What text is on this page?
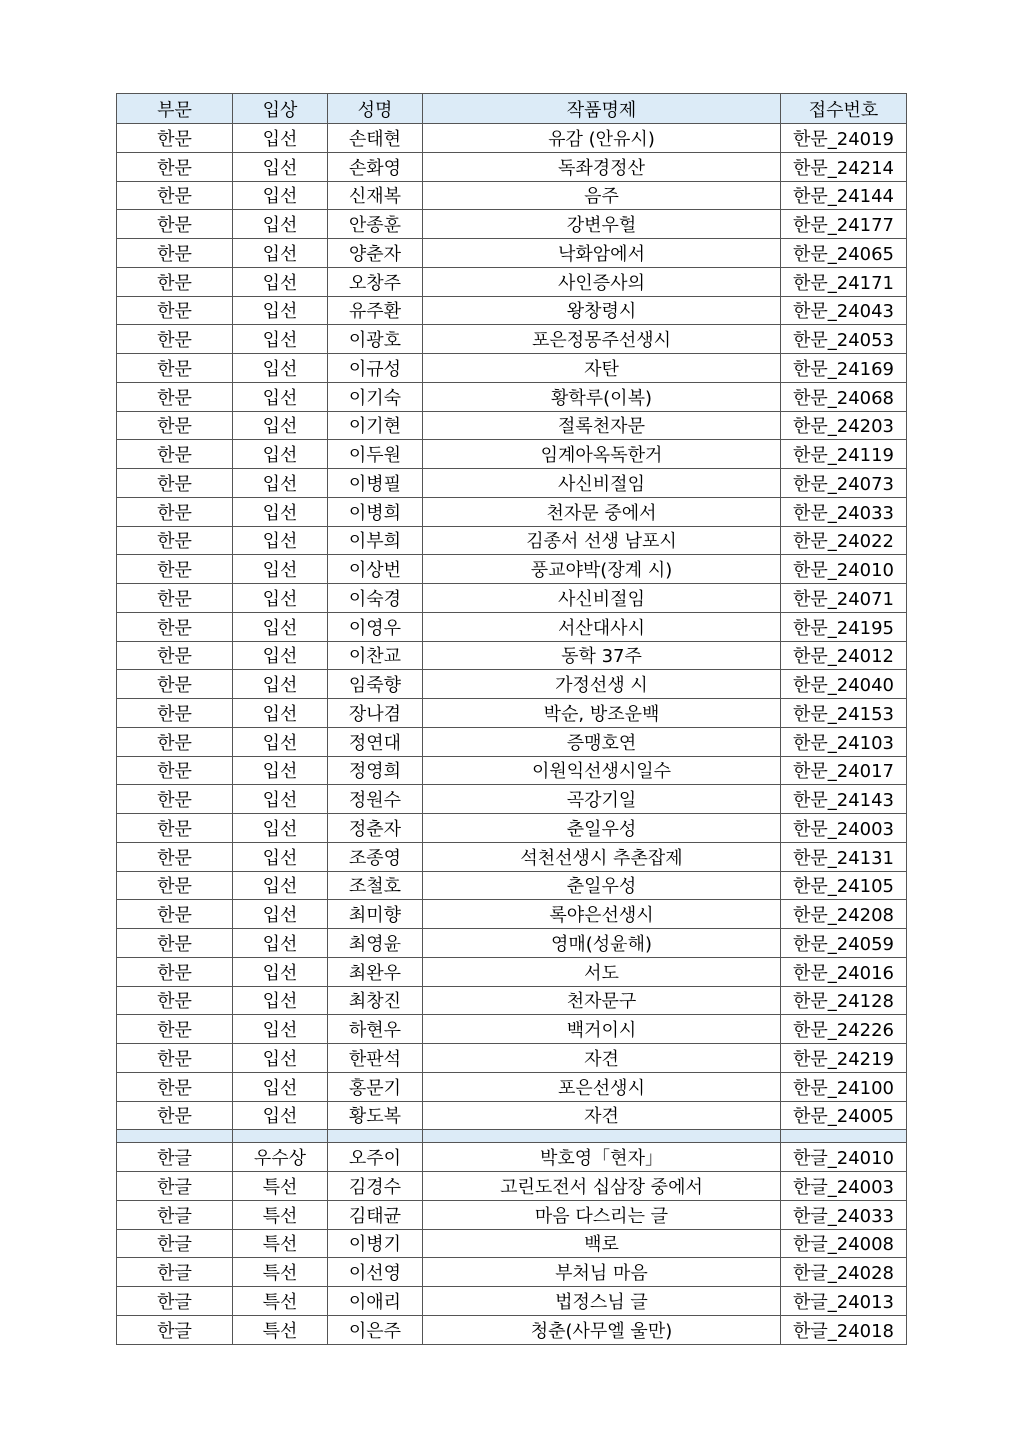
부문	입상	성명	작품명제	접수번호
한문	입선	손태현	유감 (안유시)	한문_24019
한문	입선	손화영	독좌경정산	한문_24214
한문	입선	신재복	음주	한문_24144
한문	입선	안종훈	강변우헐	한문_24177
한문	입선	양춘자	낙화암에서	한문_24065
한문	입선	오창주	사인증사의	한문_24171
한문	입선	유주환	왕창령시	한문_24043
한문	입선	이광호	포은정몽주선생시	한문_24053
한문	입선	이규성	자탄	한문_24169
한문	입선	이기숙	황학루(이복)	한문_24068
한문	입선	이기현	절록천자문	한문_24203
한문	입선	이두원	임계아옥독한거	한문_24119
한문	입선	이병필	사신비절임	한문_24073
한문	입선	이병희	천자문 중에서	한문_24033
한문	입선	이부희	김종서 선생 남포시	한문_24022
한문	입선	이상번	풍교야박(장계 시)	한문_24010
한문	입선	이숙경	사신비절임	한문_24071
한문	입선	이영우	서산대사시	한문_24195
한문	입선	이찬교	동학 37주	한문_24012
한문	입선	임죽향	가정선생 시	한문_24040
한문	입선	장나겸	박순, 방조운백	한문_24153
한문	입선	정연대	증맹호연	한문_24103
한문	입선	정영희	이원익선생시일수	한문_24017
한문	입선	정원수	곡강기일	한문_24143
한문	입선	정춘자	춘일우성	한문_24003
한문	입선	조종영	석천선생시 추촌잡제	한문_24131
한문	입선	조철호	춘일우성	한문_24105
한문	입선	최미향	록야은선생시	한문_24208
한문	입선	최영윤	영매(성윤해)	한문_24059
한문	입선	최완우	서도	한문_24016
한문	입선	최창진	천자문구	한문_24128
한문	입선	하현우	백거이시	한문_24226
한문	입선	한판석	자견	한문_24219
한문	입선	홍문기	포은선생시	한문_24100
한문	입선	황도복	자견	한문_24005

한글	우수상	오주이	박호영「현자」	한글_24010
한글	특선	김경수	고린도전서 십삼장 중에서	한글_24003
한글	특선	김태균	마음 다스리는 글	한글_24033
한글	특선	이병기	백로	한글_24008
한글	특선	이선영	부처님 마음	한글_24028
한글	특선	이애리	법정스님 글	한글_24013
한글	특선	이은주	청춘(사무엘 울만)	한글_24018
